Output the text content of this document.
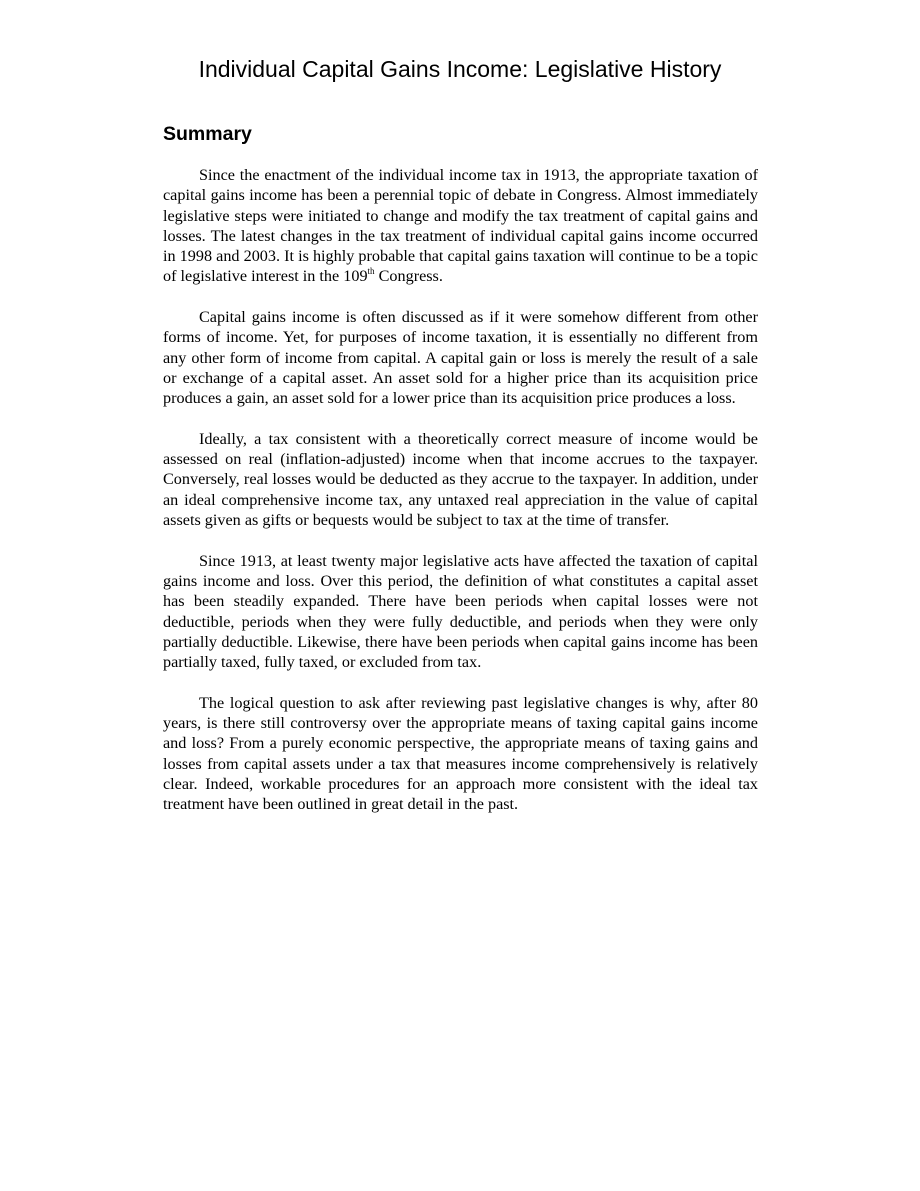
Individual Capital Gains Income: Legislative History
Summary

Since the enactment of the individual income tax in 1913, the appropriate taxation of capital gains income has been a perennial topic of debate in Congress. Almost immediately legislative steps were initiated to change and modify the tax treatment of capital gains and losses. The latest changes in the tax treatment of individual capital gains income occurred in 1998 and 2003. It is highly probable that capital gains taxation will continue to be a topic of legislative interest in the 109th Congress.

Capital gains income is often discussed as if it were somehow different from other forms of income. Yet, for purposes of income taxation, it is essentially no different from any other form of income from capital. A capital gain or loss is merely the result of a sale or exchange of a capital asset. An asset sold for a higher price than its acquisition price produces a gain, an asset sold for a lower price than its acquisition price produces a loss.

Ideally, a tax consistent with a theoretically correct measure of income would be assessed on real (inflation-adjusted) income when that income accrues to the taxpayer. Conversely, real losses would be deducted as they accrue to the taxpayer. In addition, under an ideal comprehensive income tax, any untaxed real appreciation in the value of capital assets given as gifts or bequests would be subject to tax at the time of transfer.

Since 1913, at least twenty major legislative acts have affected the taxation of capital gains income and loss. Over this period, the definition of what constitutes a capital asset has been steadily expanded. There have been periods when capital losses were not deductible, periods when they were fully deductible, and periods when they were only partially deductible. Likewise, there have been periods when capital gains income has been partially taxed, fully taxed, or excluded from tax.

The logical question to ask after reviewing past legislative changes is why, after 80 years, is there still controversy over the appropriate means of taxing capital gains income and loss? From a purely economic perspective, the appropriate means of taxing gains and losses from capital assets under a tax that measures income comprehensively is relatively clear. Indeed, workable procedures for an approach more consistent with the ideal tax treatment have been outlined in great detail in the past.
